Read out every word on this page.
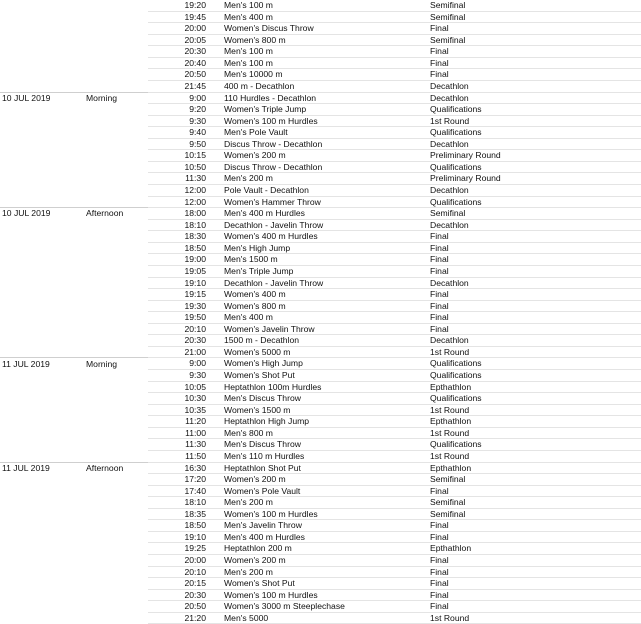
		19:20	Men's 100 m	Semifinal
		19:45	Men's 400 m	Semifinal
		20:00	Women's Discus Throw	Final
		20:05	Women's 800 m	Semifinal
		20:30	Men's 100 m	Final
		20:40	Men's 100 m	Final
		20:50	Men's 10000 m	Final
		21:45	400 m - Decathlon	Decathlon
10 JUL 2019	Morning	9:00	110 Hurdles - Decathlon	Decathlon
		9:20	Women's Triple Jump	Qualifications
		9:30	Women's 100 m Hurdles	1st Round
		9:40	Men's Pole Vault	Qualifications
		9:50	Discus Throw - Decathlon	Decathlon
		10:15	Women's 200 m	Preliminary Round
		10:50	Discus Throw - Decathlon	Qualifications
		11:30	Men's 200 m	Preliminary Round
		12:00	Pole Vault - Decathlon	Decathlon
		12:00	Women's Hammer Throw	Qualifications
10 JUL 2019	Afternoon	18:00	Men's 400 m Hurdles	Semifinal
		18:10	Decathlon - Javelin Throw	Decathlon
		18:30	Women's 400 m Hurdles	Final
		18:50	Men's High Jump	Final
		19:00	Men's 1500 m	Final
		19:05	Men's Triple Jump	Final
		19:10	Decathlon - Javelin Throw	Decathlon
		19:15	Women's 400 m	Final
		19:30	Women's 800 m	Final
		19:50	Men's 400 m	Final
		20:10	Women's Javelin Throw	Final
		20:30	1500 m - Decathlon	Decathlon
		21:00	Women's 5000 m	1st Round
11 JUL 2019	Morning	9:00	Women's High Jump	Qualifications
		9:30	Women's Shot Put	Qualifications
		10:05	Heptathlon 100m Hurdles	Epthathlon
		10:30	Men's Discus Throw	Qualifications
		10:35	Women's 1500 m	1st Round
		11:20	Heptathlon High Jump	Epthathlon
		11:00	Men's 800 m	1st Round
		11:30	Men's Discus Throw	Qualifications
		11:50	Men's 110 m Hurdles	1st Round
11 JUL 2019	Afternoon	16:30	Heptathlon Shot Put	Epthathlon
		17:20	Women's 200 m	Semifinal
		17:40	Women's Pole Vault	Final
		18:10	Men's 200 m	Semifinal
		18:35	Women's 100 m Hurdles	Semifinal
		18:50	Men's Javelin Throw	Final
		19:10	Men's 400 m Hurdles	Final
		19:25	Heptathlon 200 m	Epthathlon
		20:00	Women's 200 m	Final
		20:10	Men's 200 m	Final
		20:15	Women's Shot Put	Final
		20:30	Women's 100 m Hurdles	Final
		20:50	Women's 3000 m Steeplechase	Final
		21:20	Men's 5000	1st Round
